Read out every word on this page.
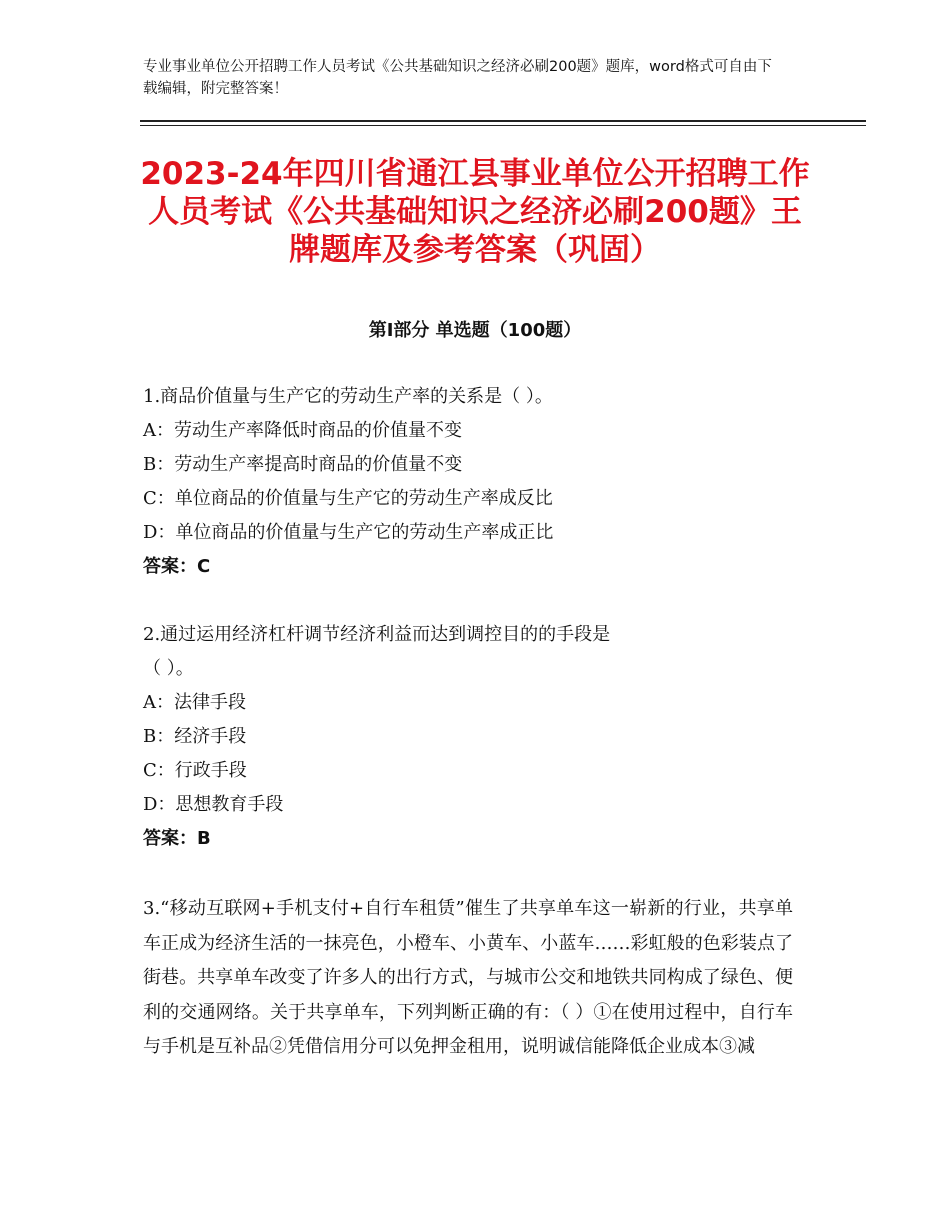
专业事业单位公开招聘工作人员考试《公共基础知识之经济必刷200题》题库，word格式可自由下载编辑，附完整答案！
2023-24年四川省通江县事业单位公开招聘工作人员考试《公共基础知识之经济必刷200题》王牌题库及参考答案（巩固）
第Ⅰ部分 单选题（100题）
1.商品价值量与生产它的劳动生产率的关系是（ ）。
A：劳动生产率降低时商品的价值量不变
B：劳动生产率提高时商品的价值量不变
C：单位商品的价值量与生产它的劳动生产率成反比
D：单位商品的价值量与生产它的劳动生产率成正比
答案：C
2.通过运用经济杠杆调节经济利益而达到调控目的的手段是
（ ）。
A：法律手段
B：经济手段
C：行政手段
D：思想教育手段
答案：B
3.“移动互联网+手机支付+自行车租赁”催生了共享单车这一崭新的行业，共享单车正成为经济生活的一抹亮色，小橙车、小黄车、小蓝车……彩虹般的色彩装点了街巷。共享单车改变了许多人的出行方式，与城市公交和地铁共同构成了绿色、便利的交通网络。关于共享单车，下列判断正确的有：（ ）①在使用过程中，自行车与手机是互补品②凭借信用分可以免押金租用，说明诚信能降低企业成本③减
